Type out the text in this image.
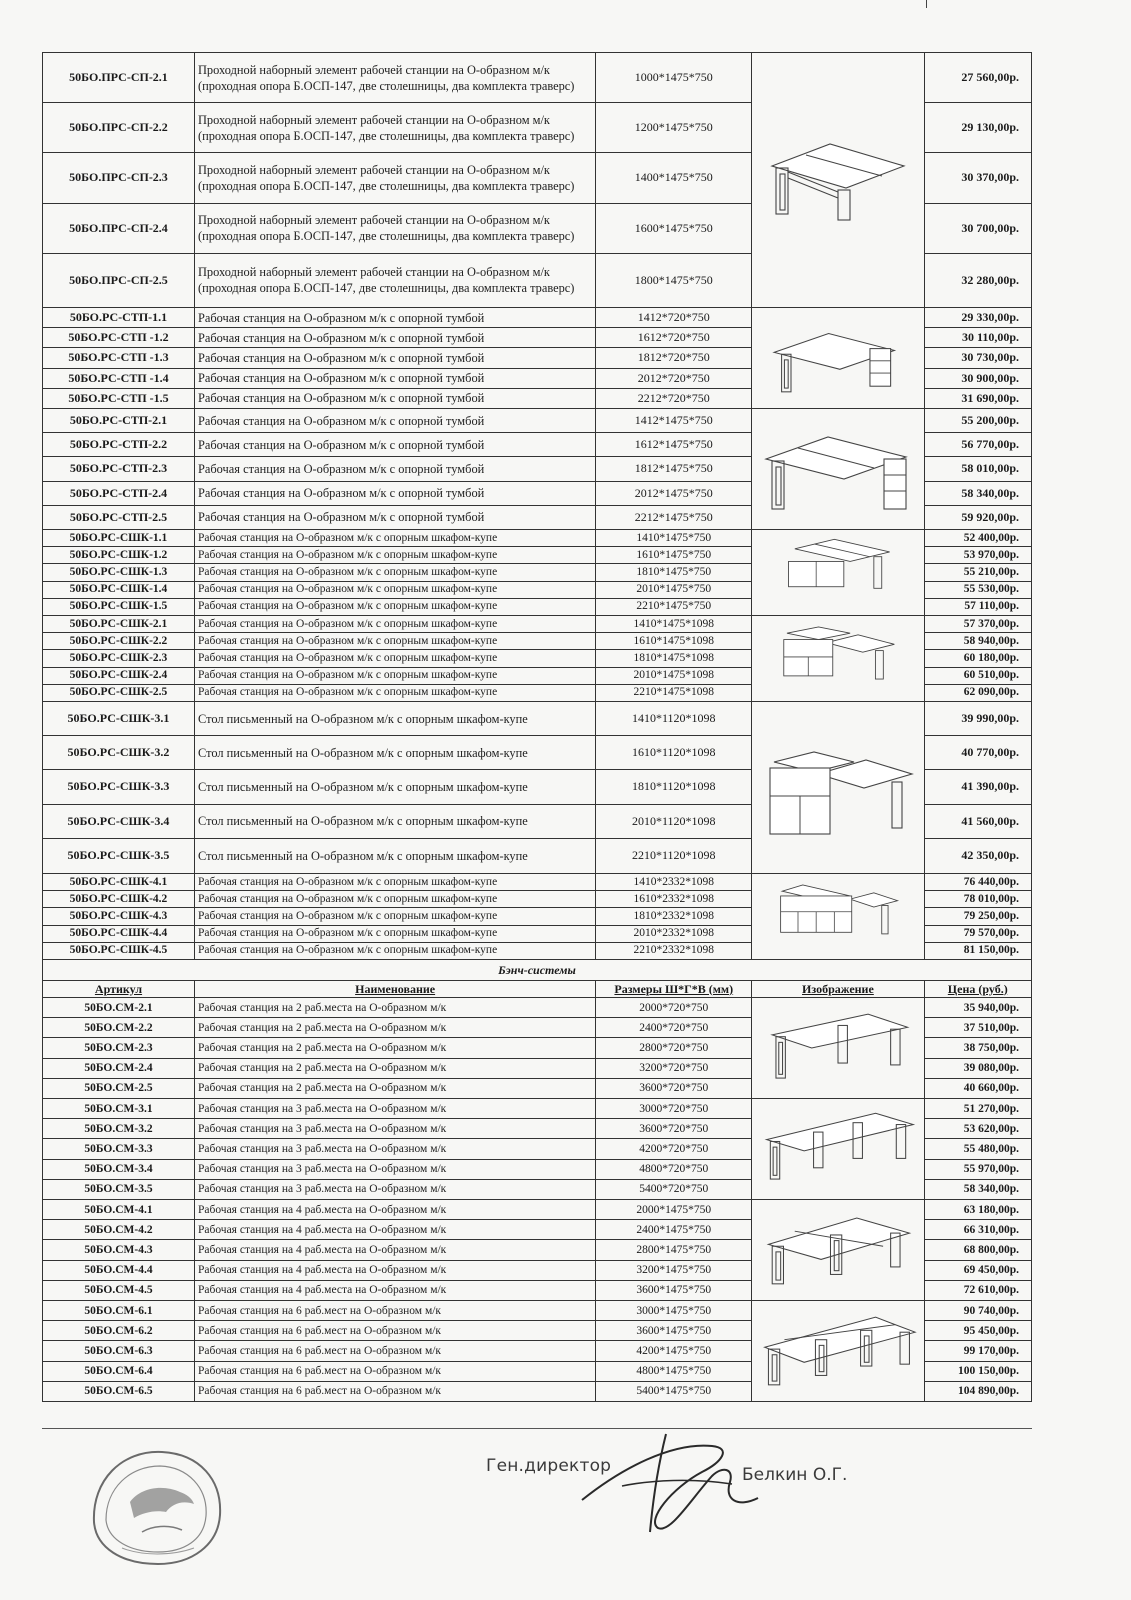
50БО.ПРС-СП-2.1	Проходной наборный элемент рабочей станции на О-образном м/к (проходная опора Б.ОСП-147, две столешницы, два комплекта траверс)	1000*1475*750		27 560,00р.
50БО.ПРС-СП-2.2	Проходной наборный элемент рабочей станции на О-образном м/к (проходная опора Б.ОСП-147, две столешницы, два комплекта траверс)	1200*1475*750		29 130,00р.
50БО.ПРС-СП-2.3	Проходной наборный элемент рабочей станции на О-образном м/к (проходная опора Б.ОСП-147, две столешницы, два комплекта траверс)	1400*1475*750		30 370,00р.
50БО.ПРС-СП-2.4	Проходной наборный элемент рабочей станции на О-образном м/к (проходная опора Б.ОСП-147, две столешницы, два комплекта траверс)	1600*1475*750		30 700,00р.
50БО.ПРС-СП-2.5	Проходной наборный элемент рабочей станции на О-образном м/к (проходная опора Б.ОСП-147, две столешницы, два комплекта траверс)	1800*1475*750		32 280,00р.
50БО.РС-СТП-1.1	Рабочая станция на О-образном м/к с опорной тумбой	1412*720*750		29 330,00р.
50БО.РС-СТП -1.2	Рабочая станция на О-образном м/к с опорной тумбой	1612*720*750		30 110,00р.
50БО.РС-СТП -1.3	Рабочая станция на О-образном м/к с опорной тумбой	1812*720*750		30 730,00р.
50БО.РС-СТП -1.4	Рабочая станция на О-образном м/к с опорной тумбой	2012*720*750		30 900,00р.
50БО.РС-СТП -1.5	Рабочая станция на О-образном м/к с опорной тумбой	2212*720*750		31 690,00р.
50БО.РС-СТП-2.1	Рабочая станция на О-образном м/к с опорной тумбой	1412*1475*750		55 200,00р.
50БО.РС-СТП-2.2	Рабочая станция на О-образном м/к с опорной тумбой	1612*1475*750		56 770,00р.
50БО.РС-СТП-2.3	Рабочая станция на О-образном м/к с опорной тумбой	1812*1475*750		58 010,00р.
50БО.РС-СТП-2.4	Рабочая станция на О-образном м/к с опорной тумбой	2012*1475*750		58 340,00р.
50БО.РС-СТП-2.5	Рабочая станция на О-образном м/к с опорной тумбой	2212*1475*750		59 920,00р.
50БО.РС-СШК-1.1	Рабочая станция на О-образном м/к с опорным шкафом-купе	1410*1475*750		52 400,00р.
50БО.РС-СШК-1.2	Рабочая станция на О-образном м/к с опорным шкафом-купе	1610*1475*750		53 970,00р.
50БО.РС-СШК-1.3	Рабочая станция на О-образном м/к с опорным шкафом-купе	1810*1475*750		55 210,00р.
50БО.РС-СШК-1.4	Рабочая станция на О-образном м/к с опорным шкафом-купе	2010*1475*750		55 530,00р.
50БО.РС-СШК-1.5	Рабочая станция на О-образном м/к с опорным шкафом-купе	2210*1475*750		57 110,00р.
50БО.РС-СШК-2.1	Рабочая станция на О-образном м/к с опорным шкафом-купе	1410*1475*1098		57 370,00р.
50БО.РС-СШК-2.2	Рабочая станция на О-образном м/к с опорным шкафом-купе	1610*1475*1098		58 940,00р.
50БО.РС-СШК-2.3	Рабочая станция на О-образном м/к с опорным шкафом-купе	1810*1475*1098		60 180,00р.
50БО.РС-СШК-2.4	Рабочая станция на О-образном м/к с опорным шкафом-купе	2010*1475*1098		60 510,00р.
50БО.РС-СШК-2.5	Рабочая станция на О-образном м/к с опорным шкафом-купе	2210*1475*1098		62 090,00р.
50БО.РС-СШК-3.1	Стол письменный на О-образном м/к с опорным шкафом-купе	1410*1120*1098		39 990,00р.
50БО.РС-СШК-3.2	Стол письменный на О-образном м/к с опорным шкафом-купе	1610*1120*1098		40 770,00р.
50БО.РС-СШК-3.3	Стол письменный на О-образном м/к с опорным шкафом-купе	1810*1120*1098		41 390,00р.
50БО.РС-СШК-3.4	Стол письменный на О-образном м/к с опорным шкафом-купе	2010*1120*1098		41 560,00р.
50БО.РС-СШК-3.5	Стол письменный на О-образном м/к с опорным шкафом-купе	2210*1120*1098		42 350,00р.
50БО.РС-СШК-4.1	Рабочая станция на О-образном м/к с опорным шкафом-купе	1410*2332*1098		76 440,00р.
50БО.РС-СШК-4.2	Рабочая станция на О-образном м/к с опорным шкафом-купе	1610*2332*1098		78 010,00р.
50БО.РС-СШК-4.3	Рабочая станция на О-образном м/к с опорным шкафом-купе	1810*2332*1098		79 250,00р.
50БО.РС-СШК-4.4	Рабочая станция на О-образном м/к с опорным шкафом-купе	2010*2332*1098		79 570,00р.
50БО.РС-СШК-4.5	Рабочая станция на О-образном м/к с опорным шкафом-купе	2210*2332*1098		81 150,00р.
Бэнч-системы				
Артикул	Наименование	Размеры Ш*Г*В (мм)	Изображение	Цена (руб.)
50БО.СМ-2.1	Рабочая станция на 2 раб.места на О-образном м/к	2000*720*750		35 940,00р.
50БО.СМ-2.2	Рабочая станция на 2 раб.места на О-образном м/к	2400*720*750		37 510,00р.
50БО.СМ-2.3	Рабочая станция на 2 раб.места на О-образном м/к	2800*720*750		38 750,00р.
50БО.СМ-2.4	Рабочая станция на 2 раб.места на О-образном м/к	3200*720*750		39 080,00р.
50БО.СМ-2.5	Рабочая станция на 2 раб.места на О-образном м/к	3600*720*750		40 660,00р.
50БО.СМ-3.1	Рабочая станция на 3 раб.места на О-образном м/к	3000*720*750		51 270,00р.
50БО.СМ-3.2	Рабочая станция на 3 раб.места на О-образном м/к	3600*720*750		53 620,00р.
50БО.СМ-3.3	Рабочая станция на 3 раб.места на О-образном м/к	4200*720*750		55 480,00р.
50БО.СМ-3.4	Рабочая станция на 3 раб.места на О-образном м/к	4800*720*750		55 970,00р.
50БО.СМ-3.5	Рабочая станция на 3 раб.места на О-образном м/к	5400*720*750		58 340,00р.
50БО.СМ-4.1	Рабочая станция на 4 раб.места на О-образном м/к	2000*1475*750		63 180,00р.
50БО.СМ-4.2	Рабочая станция на 4 раб.места на О-образном м/к	2400*1475*750		66 310,00р.
50БО.СМ-4.3	Рабочая станция на 4 раб.места на О-образном м/к	2800*1475*750		68 800,00р.
50БО.СМ-4.4	Рабочая станция на 4 раб.места на О-образном м/к	3200*1475*750		69 450,00р.
50БО.СМ-4.5	Рабочая станция на 4 раб.места на О-образном м/к	3600*1475*750		72 610,00р.
50БО.СМ-6.1	Рабочая станция на 6 раб.мест на О-образном м/к	3000*1475*750		90 740,00р.
50БО.СМ-6.2	Рабочая станция на 6 раб.мест на О-образном м/к	3600*1475*750		95 450,00р.
50БО.СМ-6.3	Рабочая станция на 6 раб.мест на О-образном м/к	4200*1475*750		99 170,00р.
50БО.СМ-6.4	Рабочая станция на 6 раб.мест на О-образном м/к	4800*1475*750		100 150,00р.
50БО.СМ-6.5	Рабочая станция на 6 раб.мест на О-образном м/к	5400*1475*750		104 890,00р.
Ген.директор	Белкин О.Г.
